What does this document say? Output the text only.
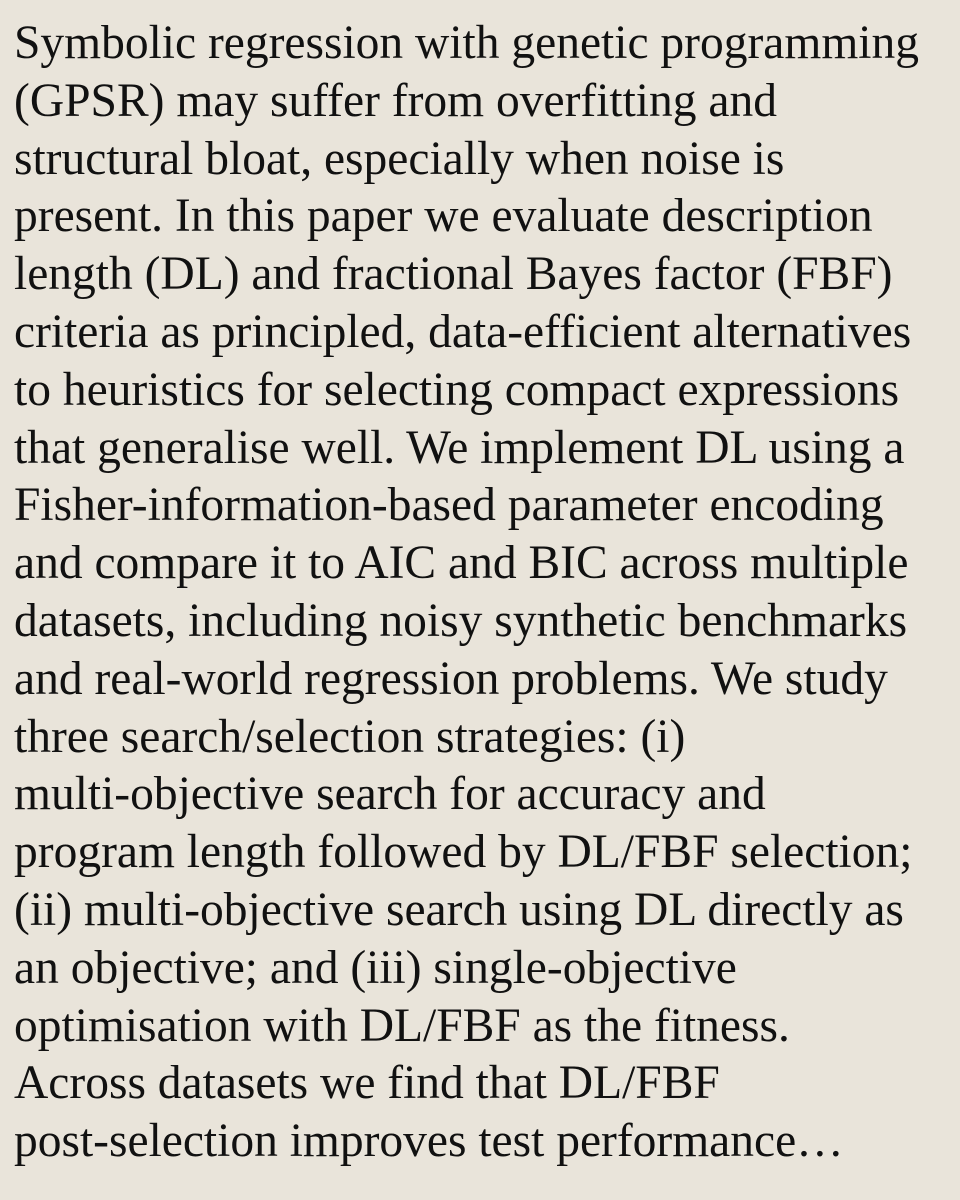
Symbolic regression with genetic programming
(GPSR) may suffer from overfitting and
structural bloat, especially when noise is
present. In this paper we evaluate description
length (DL) and fractional Bayes factor (FBF)
criteria as principled, data-efficient alternatives
to heuristics for selecting compact expressions
that generalise well. We implement DL using a
Fisher-information-based parameter encoding
and compare it to AIC and BIC across multiple
datasets, including noisy synthetic benchmarks
and real-world regression problems. We study
three search/selection strategies: (i)
multi-objective search for accuracy and
program length followed by DL/FBF selection;
(ii) multi-objective search using DL directly as
an objective; and (iii) single-objective
optimisation with DL/FBF as the fitness.
Across datasets we find that DL/FBF
post-selection improves test performance…
